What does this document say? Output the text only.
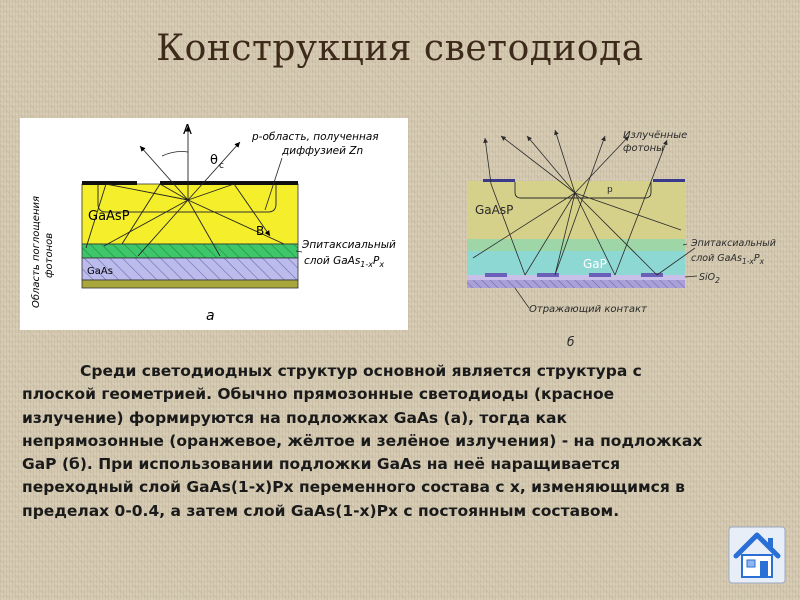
Конструкция светодиода
Область поглощения фотонов
A
θ c
B
p-область, полученная
диффузией Zn
GaAsP
GaAs
Эпитаксиальный
слой $GaAs_{1-x}P_x$
а
p
Излучённые
фотоны
GaAsP
GaP
Эпитаксиальный
слой $GaAs_{1-x}P_x$
SiO$_2$
Отражающий контакт
б

Среди светодиодных структур основной является структура с

плоской геометрией. Обычно прямозонные светодиоды (красное

излучение) формируются на подложках GaAs (а), тогда как

непрямозонные (оранжевое, жёлтое и зелёное излучения) - на подложках

GaP (б). При использовании подложки GaAs на неё наращивается

переходный слой GaAs(1-x)Px переменного состава с x, изменяющимся в

пределах 0-0.4, а затем слой GaAs(1-x)Px с постоянным составом.
